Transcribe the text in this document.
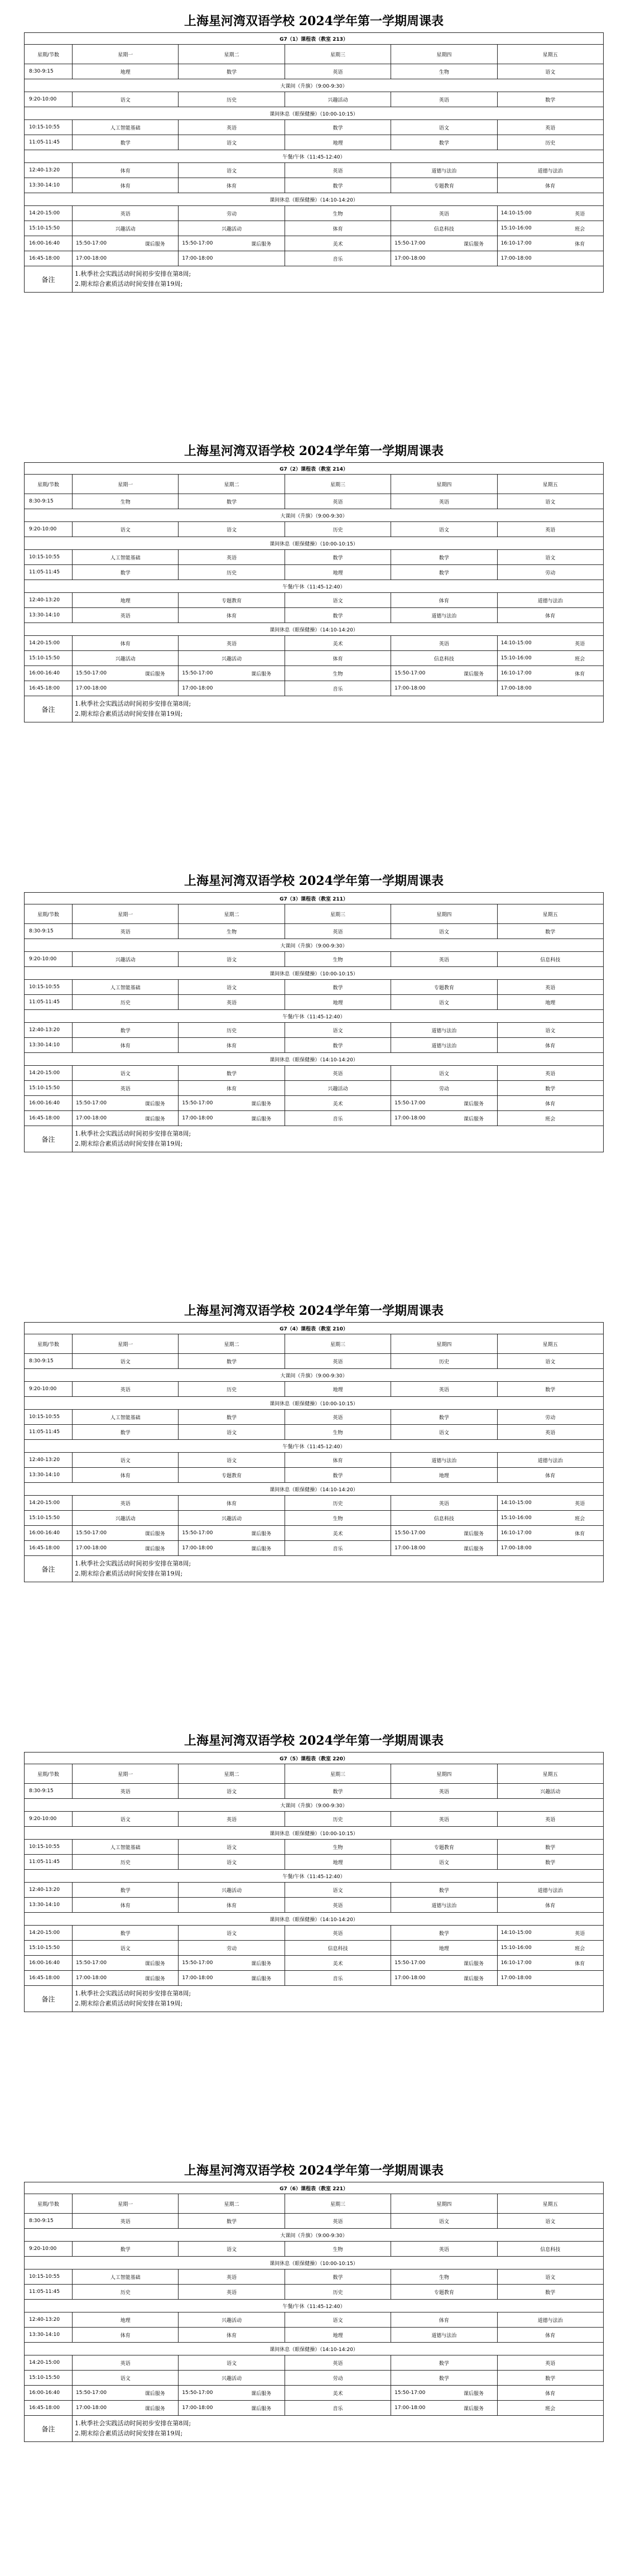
上海星河湾双语学校 2024学年第一学期周课表
G7（1）课程表（教室 213）					
星期/节数	星期一	星期二	星期三	星期四	星期五
8:30-9:15	地理	数学	英语	生物	语文
大课间（升旗）（9:00-9:30）					
9:20-10:00	语文	历史	兴趣活动	英语	数学
课间休息（眼保健操）（10:00-10:15）					
10:15-10:55	人工智能基础	英语	数学	语文	英语
11:05-11:45	数学	语文	地理	数学	历史
午餐/午休（11:45-12:40）					
12:40-13:20	体育	语文	英语	道德与法治	道德与法治
13:30-14:10	体育	体育	数学	专题教育	体育
课间休息（眼保健操）（14:10-14:20）					
14:20-15:00	英语	劳动	生物	英语	14:10-15:00 英语

15:10-15:50	兴趣活动	兴趣活动	体育	信息科技	15:10-16:00 班会

16:00-16:40	15:50-17:00 课后服务	15:50-17:00 课后服务	美术	15:50-17:00 课后服务	16:10-17:00 体育

16:45-18:00	17:00-18:00	17:00-18:00	音乐	17:00-18:00	17:00-18:00

备注	1.秋季社会实践活动时间初步安排在第8周;
2.期末综合素质活动时间安排在第19周;				
上海星河湾双语学校 2024学年第一学期周课表
G7（2）课程表（教室 214）					
星期/节数	星期一	星期二	星期三	星期四	星期五
8:30-9:15	生物	数学	英语	英语	语文
大课间（升旗）（9:00-9:30）					
9:20-10:00	语文	语文	历史	语文	英语
课间休息（眼保健操）（10:00-10:15）					
10:15-10:55	人工智能基础	英语	数学	数学	语文
11:05-11:45	数学	历史	地理	数学	劳动
午餐/午休（11:45-12:40）					
12:40-13:20	地理	专题教育	语文	体育	道德与法治
13:30-14:10	英语	体育	数学	道德与法治	体育
课间休息（眼保健操）（14:10-14:20）					
14:20-15:00	体育	英语	美术	英语	14:10-15:00 英语

15:10-15:50	兴趣活动	兴趣活动	体育	信息科技	15:10-16:00 班会

16:00-16:40	15:50-17:00 课后服务	15:50-17:00 课后服务	生物	15:50-17:00 课后服务	16:10-17:00 体育

16:45-18:00	17:00-18:00	17:00-18:00	音乐	17:00-18:00	17:00-18:00

备注	1.秋季社会实践活动时间初步安排在第8周;
2.期末综合素质活动时间安排在第19周;				
上海星河湾双语学校 2024学年第一学期周课表
G7（3）课程表（教室 211）					
星期/节数	星期一	星期二	星期三	星期四	星期五
8:30-9:15	英语	生物	英语	语文	数学
大课间（升旗）（9:00-9:30）					
9:20-10:00	兴趣活动	语文	生物	英语	信息科技
课间休息（眼保健操）（10:00-10:15）					
10:15-10:55	人工智能基础	语文	数学	专题教育	英语
11:05-11:45	历史	英语	地理	语文	地理
午餐/午休（11:45-12:40）					
12:40-13:20	数学	历史	语文	道德与法治	语文
13:30-14:10	体育	体育	数学	道德与法治	体育
课间休息（眼保健操）（14:10-14:20）					
14:20-15:00	语文	数学	英语	语文	英语
15:10-15:50	英语	体育	兴趣活动	劳动	数学
16:00-16:40	15:50-17:00 课后服务	15:50-17:00 课后服务	美术	15:50-17:00 课后服务	体育
16:45-18:00	17:00-18:00 课后服务	17:00-18:00 课后服务	音乐	17:00-18:00 课后服务	班会
备注	1.秋季社会实践活动时间初步安排在第8周;
2.期末综合素质活动时间安排在第19周;				
上海星河湾双语学校 2024学年第一学期周课表
G7（4）课程表（教室 210）					
星期/节数	星期一	星期二	星期三	星期四	星期五
8:30-9:15	语文	数学	英语	历史	语文
大课间（升旗）（9:00-9:30）					
9:20-10:00	英语	历史	地理	英语	数学
课间休息（眼保健操）（10:00-10:15）					
10:15-10:55	人工智能基础	数学	英语	数学	劳动
11:05-11:45	数学	语文	生物	语文	英语
午餐/午休（11:45-12:40）					
12:40-13:20	语文	语文	体育	道德与法治	道德与法治
13:30-14:10	体育	专题教育	数学	地理	体育
课间休息（眼保健操）（14:10-14:20）					
14:20-15:00	英语	体育	历史	英语	14:10-15:00 英语

15:10-15:50	兴趣活动	兴趣活动	生物	信息科技	15:10-16:00 班会

16:00-16:40	15:50-17:00 课后服务	15:50-17:00 课后服务	美术	15:50-17:00 课后服务	16:10-17:00 体育

16:45-18:00	17:00-18:00 课后服务	17:00-18:00 课后服务	音乐	17:00-18:00 课后服务	17:00-18:00

备注	1.秋季社会实践活动时间初步安排在第8周;
2.期末综合素质活动时间安排在第19周;				
上海星河湾双语学校 2024学年第一学期周课表
G7（5）课程表（教室 220）					
星期/节数	星期一	星期二	星期三	星期四	星期五
8:30-9:15	英语	语文	数学	英语	兴趣活动
大课间（升旗）（9:00-9:30）					
9:20-10:00	语文	英语	历史	英语	英语
课间休息（眼保健操）（10:00-10:15）					
10:15-10:55	人工智能基础	语文	生物	专题教育	数学
11:05-11:45	历史	语文	地理	语文	数学
午餐/午休（11:45-12:40）					
12:40-13:20	数学	兴趣活动	语文	数学	道德与法治
13:30-14:10	体育	体育	英语	道德与法治	体育
课间休息（眼保健操）（14:10-14:20）					
14:20-15:00	数学	语文	英语	数学	14:10-15:00 英语

15:10-15:50	语文	劳动	信息科技	地理	15:10-16:00 班会

16:00-16:40	15:50-17:00 课后服务	15:50-17:00 课后服务	美术	15:50-17:00 课后服务	16:10-17:00 体育

16:45-18:00	17:00-18:00 课后服务	17:00-18:00 课后服务	音乐	17:00-18:00 课后服务	17:00-18:00

备注	1.秋季社会实践活动时间初步安排在第8周;
2.期末综合素质活动时间安排在第19周;				
上海星河湾双语学校 2024学年第一学期周课表
G7（6）课程表（教室 221）					
星期/节数	星期一	星期二	星期三	星期四	星期五
8:30-9:15	英语	数学	英语	语文	语文
大课间（升旗）（9:00-9:30）					
9:20-10:00	数学	语文	生物	英语	信息科技
课间休息（眼保健操）（10:00-10:15）					
10:15-10:55	人工智能基础	英语	数学	生物	语文
11:05-11:45	历史	英语	历史	专题教育	数学
午餐/午休（11:45-12:40）					
12:40-13:20	地理	兴趣活动	语文	体育	道德与法治
13:30-14:10	体育	体育	地理	道德与法治	体育
课间休息（眼保健操）（14:10-14:20）					
14:20-15:00	英语	语文	英语	数学	英语
15:10-15:50	语文	兴趣活动	劳动	数学	数学
16:00-16:40	15:50-17:00 课后服务	15:50-17:00 课后服务	美术	15:50-17:00 课后服务	体育
16:45-18:00	17:00-18:00 课后服务	17:00-18:00 课后服务	音乐	17:00-18:00 课后服务	班会
备注	1.秋季社会实践活动时间初步安排在第8周;
2.期末综合素质活动时间安排在第19周;				
